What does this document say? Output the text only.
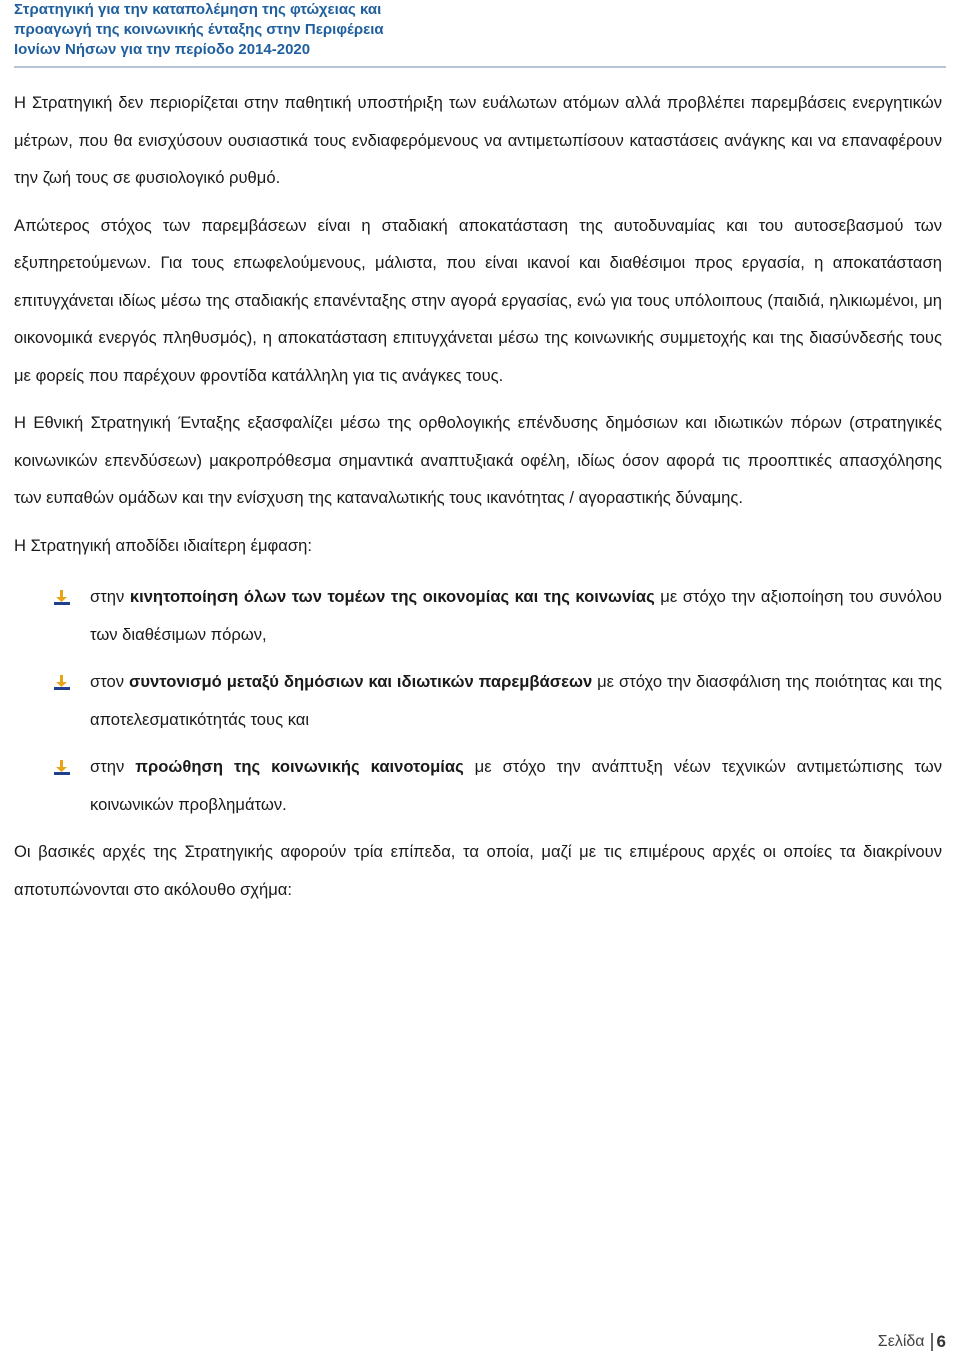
Στρατηγική για την καταπολέμηση της φτώχειας και
προαγωγή της κοινωνικής ένταξης στην Περιφέρεια
Ιονίων Νήσων για την περίοδο 2014-2020

Η Στρατηγική δεν περιορίζεται στην παθητική υποστήριξη των ευάλωτων ατόμων αλλά προβλέπει παρεμβάσεις ενεργητικών μέτρων, που θα ενισχύσουν ουσιαστικά τους ενδιαφερόμενους να αντιμετωπίσουν καταστάσεις ανάγκης και να επαναφέρουν την ζωή τους σε φυσιολογικό ρυθμό.

Απώτερος στόχος των παρεμβάσεων είναι η σταδιακή αποκατάσταση της αυτοδυναμίας και του αυτοσεβασμού των εξυπηρετούμενων. Για τους επωφελούμενους, μάλιστα, που είναι ικανοί και διαθέσιμοι προς εργασία, η αποκατάσταση επιτυγχάνεται ιδίως μέσω της σταδιακής επανένταξης στην αγορά εργασίας, ενώ για τους υπόλοιπους (παιδιά, ηλικιωμένοι, μη οικονομικά ενεργός πληθυσμός), η αποκατάσταση επιτυγχάνεται μέσω της κοινωνικής συμμετοχής και της διασύνδεσής τους με φορείς που παρέχουν φροντίδα κατάλληλη για τις ανάγκες τους.

Η Εθνική Στρατηγική Ένταξης εξασφαλίζει μέσω της ορθολογικής επένδυσης δημόσιων και ιδιωτικών πόρων (στρατηγικές κοινωνικών επενδύσεων) μακροπρόθεσμα σημαντικά αναπτυξιακά οφέλη, ιδίως όσον αφορά τις προοπτικές απασχόλησης των ευπαθών ομάδων και την ενίσχυση της καταναλωτικής τους ικανότητας / αγοραστικής δύναμης.

Η Στρατηγική αποδίδει ιδιαίτερη έμφαση:

στην κινητοποίηση όλων των τομέων της οικονομίας και της κοινωνίας με στόχο την αξιοποίηση του συνόλου των διαθέσιμων πόρων,
στον συντονισμό μεταξύ δημόσιων και ιδιωτικών παρεμβάσεων με στόχο την διασφάλιση της ποιότητας και της αποτελεσματικότητάς τους και
στην προώθηση της κοινωνικής καινοτομίας με στόχο την ανάπτυξη νέων τεχνικών αντιμετώπισης των κοινωνικών προβλημάτων.

Οι βασικές αρχές της Στρατηγικής αφορούν τρία επίπεδα, τα οποία, μαζί με τις επιμέρους αρχές οι οποίες τα διακρίνουν αποτυπώνονται στο ακόλουθο σχήμα:

Σελίδα 6
